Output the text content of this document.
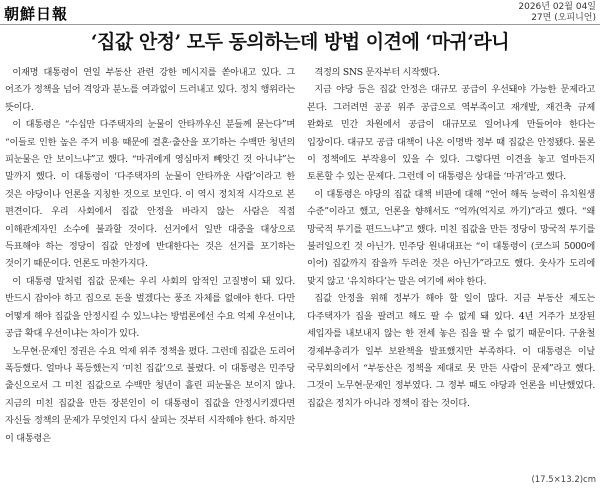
朝鮮日報	2026년 02월 04일
27면 (오피니언)
‘집값 안정’ 모두 동의하는데 방법 이견에 ‘마귀’라니

이재명 대통령이 연일 부동산 관련 강한 메시지를 쏟아내고 있다. 그 어조가 정책을 넘어 격앙과 분노를 여과없이 드러내고 있다. 정치 행위라는 뜻이다.

이 대통령은 “수십만 다주택자의 눈물이 안타까우신 분들께 묻는다”며 “이들로 인한 높은 주거 비용 때문에 결혼·출산을 포기하는 수백만 청년의 피눈물은 안 보이느냐”고 했다. “마귀에게 영심마저 빼앗긴 것 아니냐”는 말까지 했다. 이 대통령이 ‘다주택자의 눈물이 안타까운 사람’이라고 한 것은 야당이나 언론을 지칭한 것으로 보인다. 이 역시 정치적 시각으로 본 편견이다. 우리 사회에서 집값 안정을 바라지 않는 사람은 직접 이해관계자인 소수에 불과할 것이다. 선거에서 일반 대중을 대상으로 득표해야 하는 정당이 집값 안정에 반대한다는 것은 선거를 포기하는 것이기 때문이다. 언론도 마찬가지다.

이 대통령 말처럼 집값 문제는 우리 사회의 암적인 고질병이 돼 있다. 반드시 잡아야 하고 집으로 돈을 벌겠다는 풍조 자체를 없애야 한다. 다만 어떻게 해야 집값을 안정시킬 수 있느냐는 방법론에선 수요 억제 우선이냐, 공급 확대 우선이냐는 차이가 있다.

노무현·문재인 정권은 수요 억제 위주 정책을 폈다. 그런데 집값은 도리어 폭등했다. 얼마나 폭등했는지 ‘미친 집값’으로 불렸다. 이 대통령은 민주당 출신으로서 그 미친 집값으로 수백만 청년이 흘린 피눈물은 보이지 않나. 지금의 미친 집값을 만든 장본인이 이 대통령이 집값을 안정시키겠다면 자신들 정책의 문제가 무엇인지 다시 살피는 것부터 시작해야 한다. 하지만 이 대통령은

격정의 SNS 문자부터 시작했다.

지금 야당 등은 집값 안정은 대규모 공급이 우선돼야 가능한 문제라고 본다. 그러려면 공공 위주 공급으로 역부족이고 재개발, 재건축 규제 완화로 민간 차원에서 공급이 대규모로 일어나게 만들어야 한다는 입장이다. 대규모 공급 대책이 나온 이명박 정부 때 집값은 안정됐다. 물론 이 정책에도 부작용이 있을 수 있다. 그렇다면 이견을 놓고 얼마든지 토론할 수 있는 문제다. 그런데 이 대통령은 상대를 ‘마귀’라고 했다.

이 대통령은 야당의 집값 대책 비판에 대해 “언어 해독 능력이 유치원생 수준”이라고 했고, 언론을 향해서도 “억까(억지로 까기)”라고 했다. “왜 망국적 투기를 편드느냐”고 했다. 미친 집값을 만든 정당이 망국적 투기를 불러일으킨 것 아닌가. 민주당 원내대표는 “이 대통령이 (코스피 5000에 이어) 집값까지 잡을까 두려운 것은 아닌가”라고도 했다. 웃사가 도리에 맞지 않고 ‘유치하다’는 말은 여기에 써야 한다.

집값 안정을 위해 정부가 해야 할 일이 많다. 지금 부동산 제도는 다주택자가 집을 팔려고 해도 팔 수 없게 돼 있다. 4년 거주가 보장된 세입자를 내보내지 않는 한 전세 놓은 집을 팔 수 없기 때문이다. 구윤철 경제부총리가 일부 보완책을 발표했지만 부족하다. 이 대통령은 이날 국무회의에서 “부동산은 정책을 제대로 못 만든 사람이 문제”라고 했다. 그것이 노무현·문재인 정부였다. 그 정부 때도 야당과 언론을 비난했었다. 집값은 정치가 아니라 정책이 잡는 것이다.

(17.5×13.2)cm
